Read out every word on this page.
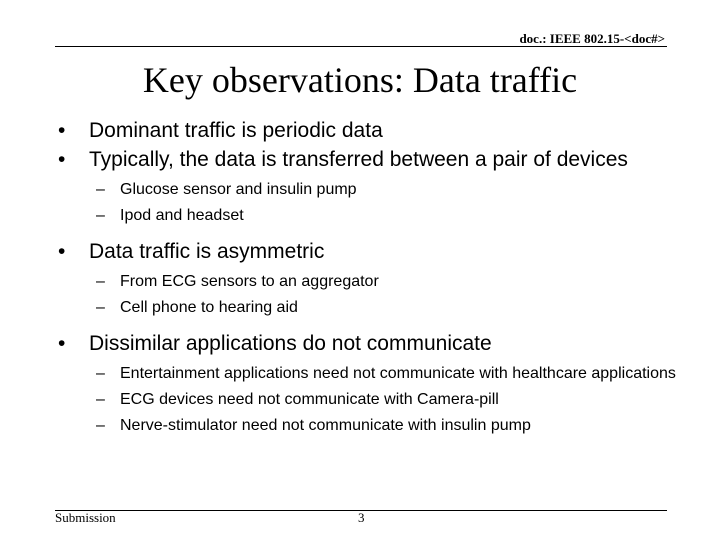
doc.: IEEE 802.15-<doc#>
Key observations: Data traffic
• Dominant traffic is periodic data
• Typically, the data is transferred between a pair of devices
– Glucose sensor and insulin pump
– Ipod and headset
• Data traffic is asymmetric
– From ECG sensors to an aggregator
– Cell phone to hearing aid
• Dissimilar applications do not communicate
– Entertainment applications need not communicate with healthcare applications
– ECG devices need not communicate with Camera-pill
– Nerve-stimulator need not communicate with insulin pump
Submission	3
